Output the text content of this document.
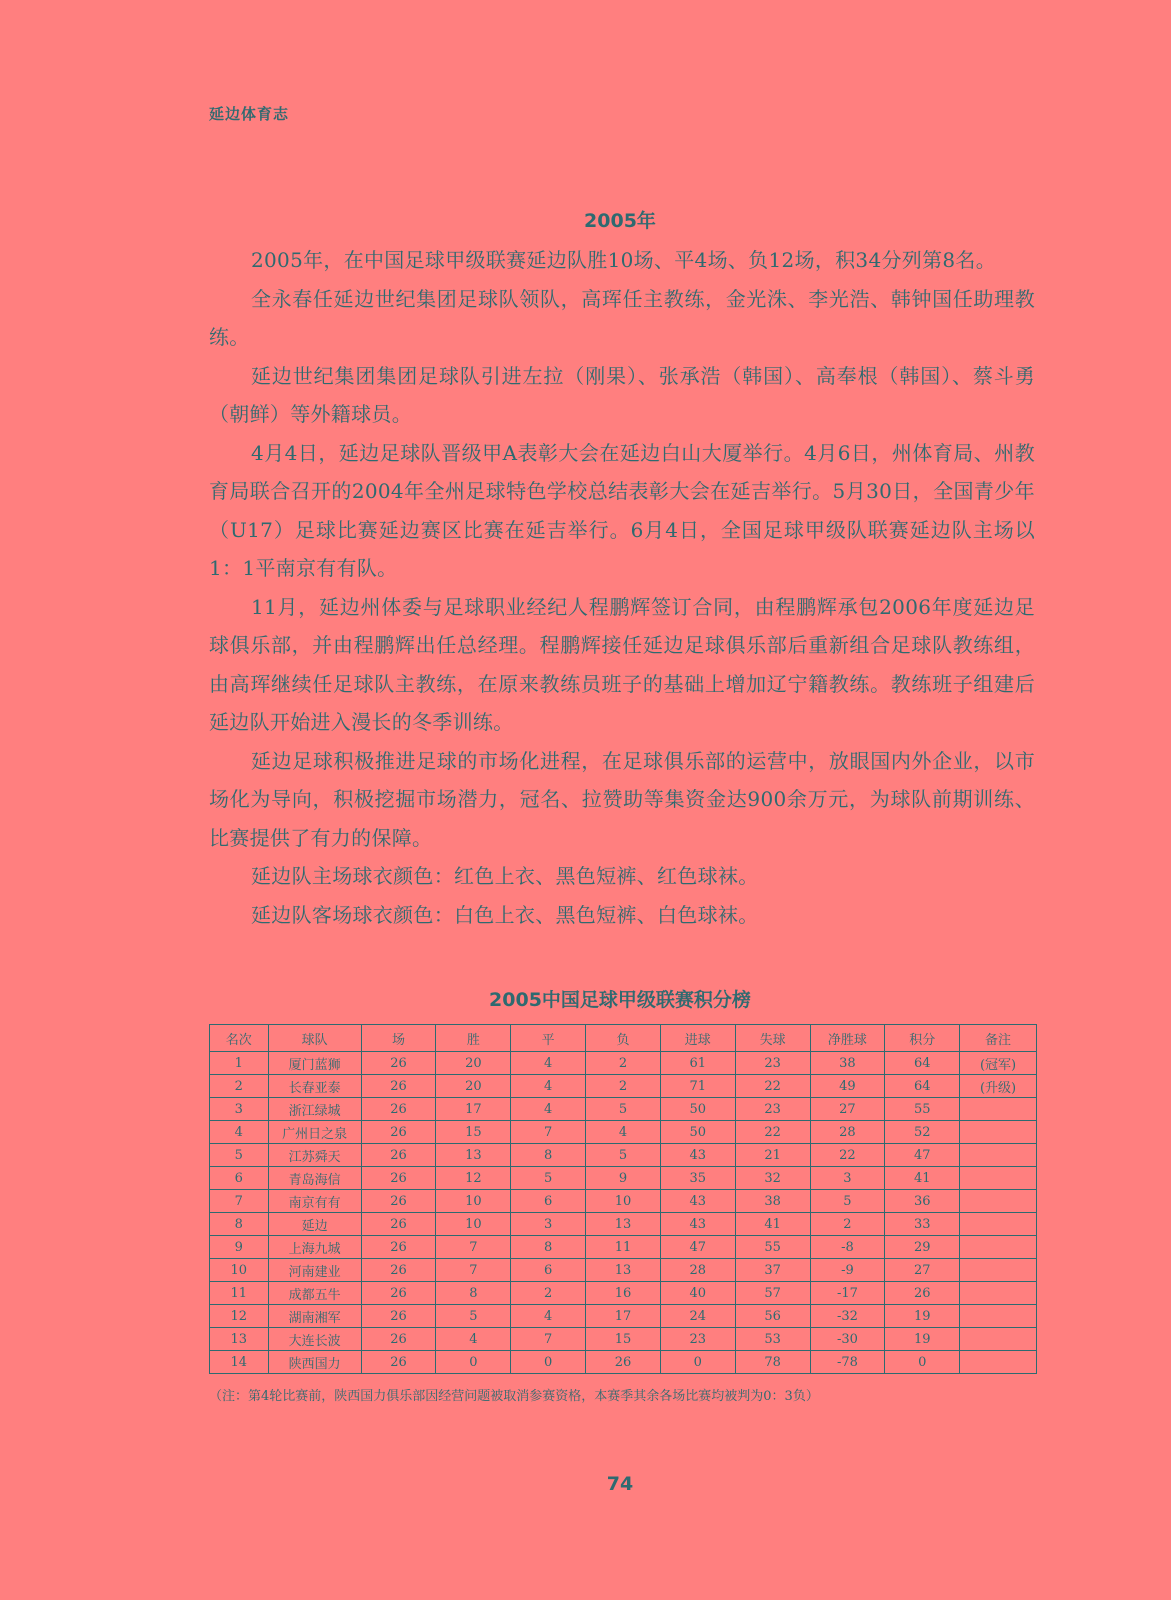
延边体育志
2005年

2005年，在中国足球甲级联赛延边队胜10场、平4场、负12场，积34分列第8名。

全永春任延边世纪集团足球队领队，高珲任主教练，金光洙、李光浩、韩钟国任助理教练。

延边世纪集团集团足球队引进左拉（刚果）、张承浩（韩国）、高奉根（韩国）、蔡斗勇（朝鲜）等外籍球员。

4月4日，延边足球队晋级甲A表彰大会在延边白山大厦举行。4月6日，州体育局、州教育局联合召开的2004年全州足球特色学校总结表彰大会在延吉举行。5月30日，全国青少年（U17）足球比赛延边赛区比赛在延吉举行。6月4日，全国足球甲级队联赛延边队主场以1：1平南京有有队。

11月，延边州体委与足球职业经纪人程鹏辉签订合同，由程鹏辉承包2006年度延边足球俱乐部，并由程鹏辉出任总经理。程鹏辉接任延边足球俱乐部后重新组合足球队教练组，由高珲继续任足球队主教练，在原来教练员班子的基础上增加辽宁籍教练。教练班子组建后延边队开始进入漫长的冬季训练。

延边足球积极推进足球的市场化进程，在足球俱乐部的运营中，放眼国内外企业，以市场化为导向，积极挖掘市场潜力，冠名、拉赞助等集资金达900余万元，为球队前期训练、比赛提供了有力的保障。

延边队主场球衣颜色：红色上衣、黑色短裤、红色球袜。

延边队客场球衣颜色：白色上衣、黑色短裤、白色球袜。

2005中国足球甲级联赛积分榜
名次	球队	场	胜	平	负	进球	失球	净胜球	积分	备注
1	厦门蓝狮	26	20	4	2	61	23	38	64	(冠军)
2	长春亚泰	26	20	4	2	71	22	49	64	(升级)
3	浙江绿城	26	17	4	5	50	23	27	55	
4	广州日之泉	26	15	7	4	50	22	28	52	
5	江苏舜天	26	13	8	5	43	21	22	47	
6	青岛海信	26	12	5	9	35	32	3	41	
7	南京有有	26	10	6	10	43	38	5	36	
8	延边	26	10	3	13	43	41	2	33	
9	上海九城	26	7	8	11	47	55	-8	29	
10	河南建业	26	7	6	13	28	37	-9	27	
11	成都五牛	26	8	2	16	40	57	-17	26	
12	湖南湘军	26	5	4	17	24	56	-32	19	
13	大连长波	26	4	7	15	23	53	-30	19	
14	陕西国力	26	0	0	26	0	78	-78	0	
（注：第4轮比赛前，陕西国力俱乐部因经营问题被取消参赛资格，本赛季其余各场比赛均被判为0：3负）
74
